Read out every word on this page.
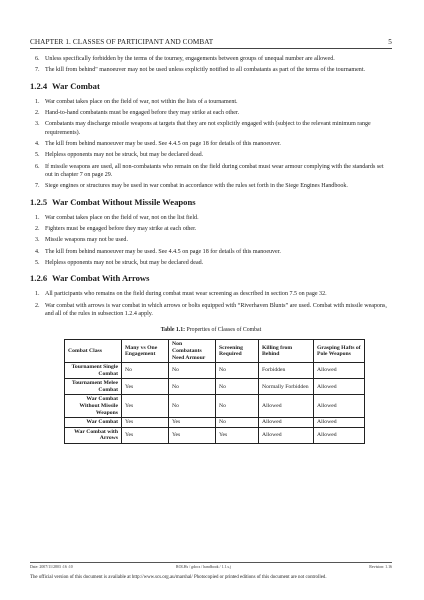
CHAPTER 1. CLASSES OF PARTICIPANT AND COMBAT	5
6. Unless specifically forbidden by the terms of the tourney, engagements between groups of unequal number are allowed.
7. The kill from behind" manoeuver may not be used unless explicitly notified to all combatants as part of the terms of the tournament.
1.2.4 War Combat
1. War combat takes place on the field of war, not within the lists of a tournament.
2. Hand-to-hand combatants must be engaged before they may strike at each other.
3. Combatants may discharge missile weapons at targets that they are not explicitly engaged with (subject to the relevant minimum range requirements).
4. The kill from behind manoeuver may be used. See 4.4.5 on page 18 for details of this manoeuver.
5. Helpless opponents may not be struck, but may be declared dead.
6. If missile weapons are used, all non-combatants who remain on the field during combat must wear armour complying with the standards set out in chapter 7 on page 29.
7. Siege engines or structures may be used in war combat in accordance with the rules set forth in the Siege Engines Handbook.
1.2.5 War Combat Without Missile Weapons
1. War combat takes place on the field of war, not on the list field.
2. Fighters must be engaged before they may strike at each other.
3. Missile weapons may not be used.
4. The kill from behind manoeuver may be used. See 4.4.5 on page 18 for details of this manoeuver.
5. Helpless opponents may not be struck, but may be declared dead.
1.2.6 War Combat With Arrows
1. All participants who remains on the field during combat must wear screening as described in section 7.5 on page 32.
2. War combat with arrows is war combat in which arrows or bolts equipped with “Riverhaven Blunts” are used. Combat with missile weapons, and all of the rules in subsection 1.2.4 apply.
Table 1.1: Properties of Classes of Combat
Combat Class	Many vs One Engagement	Non Combatants Need Armour	Screening Required	Killing from Behind	Grasping Hafts of Pole Weapons
Tournament Single Combat	No	No	No	Forbidden	Allowed
Tournament Melee Combat	Yes	No	No	Normally Forbidden	Allowed
War Combat Without Missile Weapons	Yes	No	No	Allowed	Allowed
War Combat	Yes	Yes	No	Allowed	Allowed
War Combat with Arrows	Yes	Yes	Yes	Allowed	Allowed
Date: 2007/11/2803 :16 :10	ROLHs / gdocs / handbook / 1.1.s.j	Revision: 1.16
The official version of this document is available at http://www.scs.org.au/marshal/ Photocopied or printed editions of this document are not controlled.
